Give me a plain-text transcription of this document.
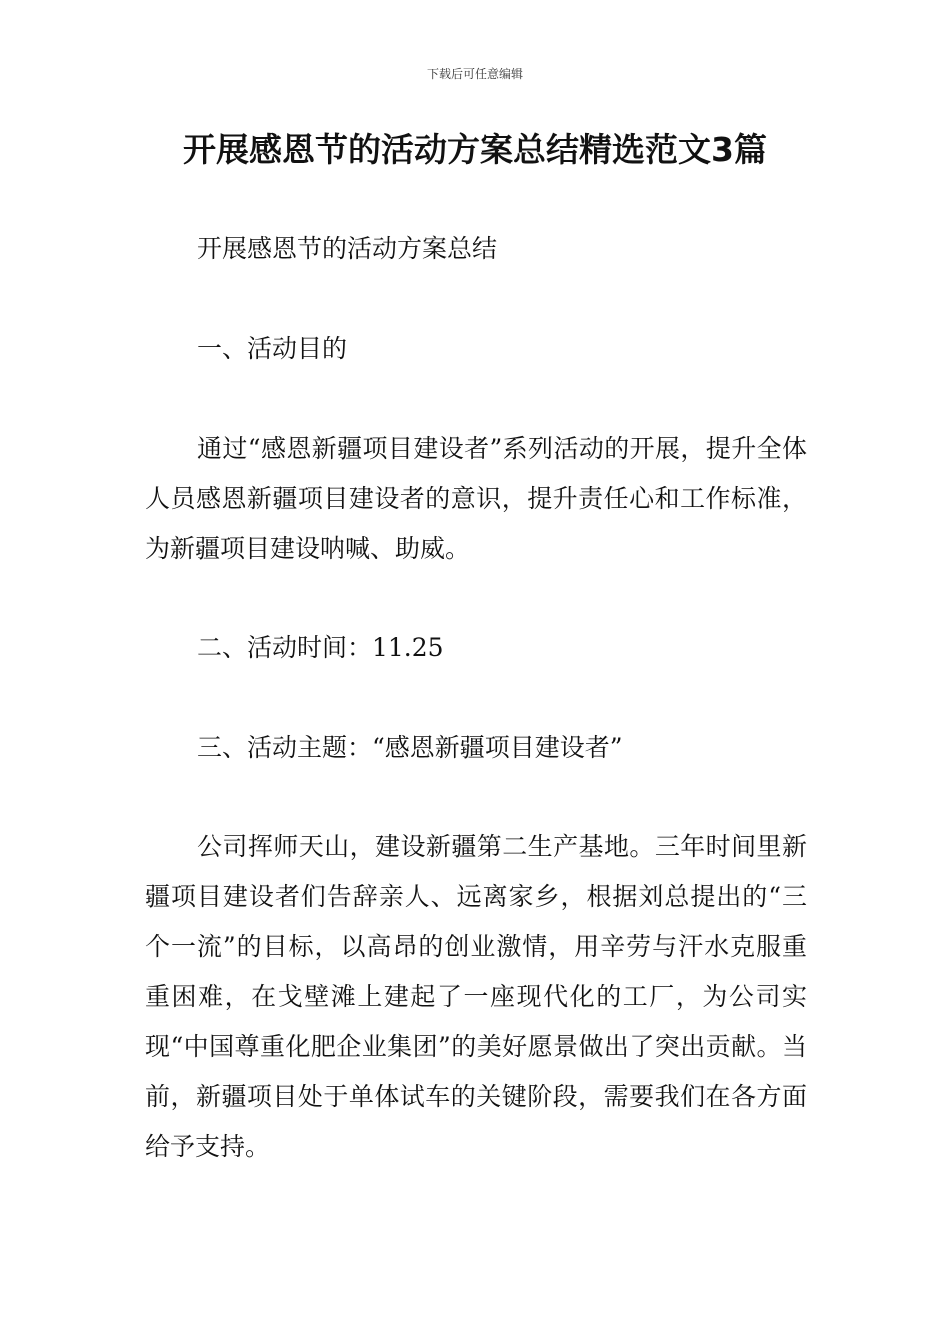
下载后可任意编辑
开展感恩节的活动方案总结精选范文3篇

开展感恩节的活动方案总结

一、活动目的

通过“感恩新疆项目建设者”系列活动的开展，提升全体人员感恩新疆项目建设者的意识，提升责任心和工作标准，为新疆项目建设呐喊、助威。

二、活动时间：11.25

三、活动主题：“感恩新疆项目建设者”

公司挥师天山，建设新疆第二生产基地。三年时间里新疆项目建设者们告辞亲人、远离家乡，根据刘总提出的“三个一流”的目标，以高昂的创业激情，用辛劳与汗水克服重重困难，在戈壁滩上建起了一座现代化的工厂，为公司实现“中国尊重化肥企业集团”的美好愿景做出了突出贡献。当前，新疆项目处于单体试车的关键阶段，需要我们在各方面给予支持。
